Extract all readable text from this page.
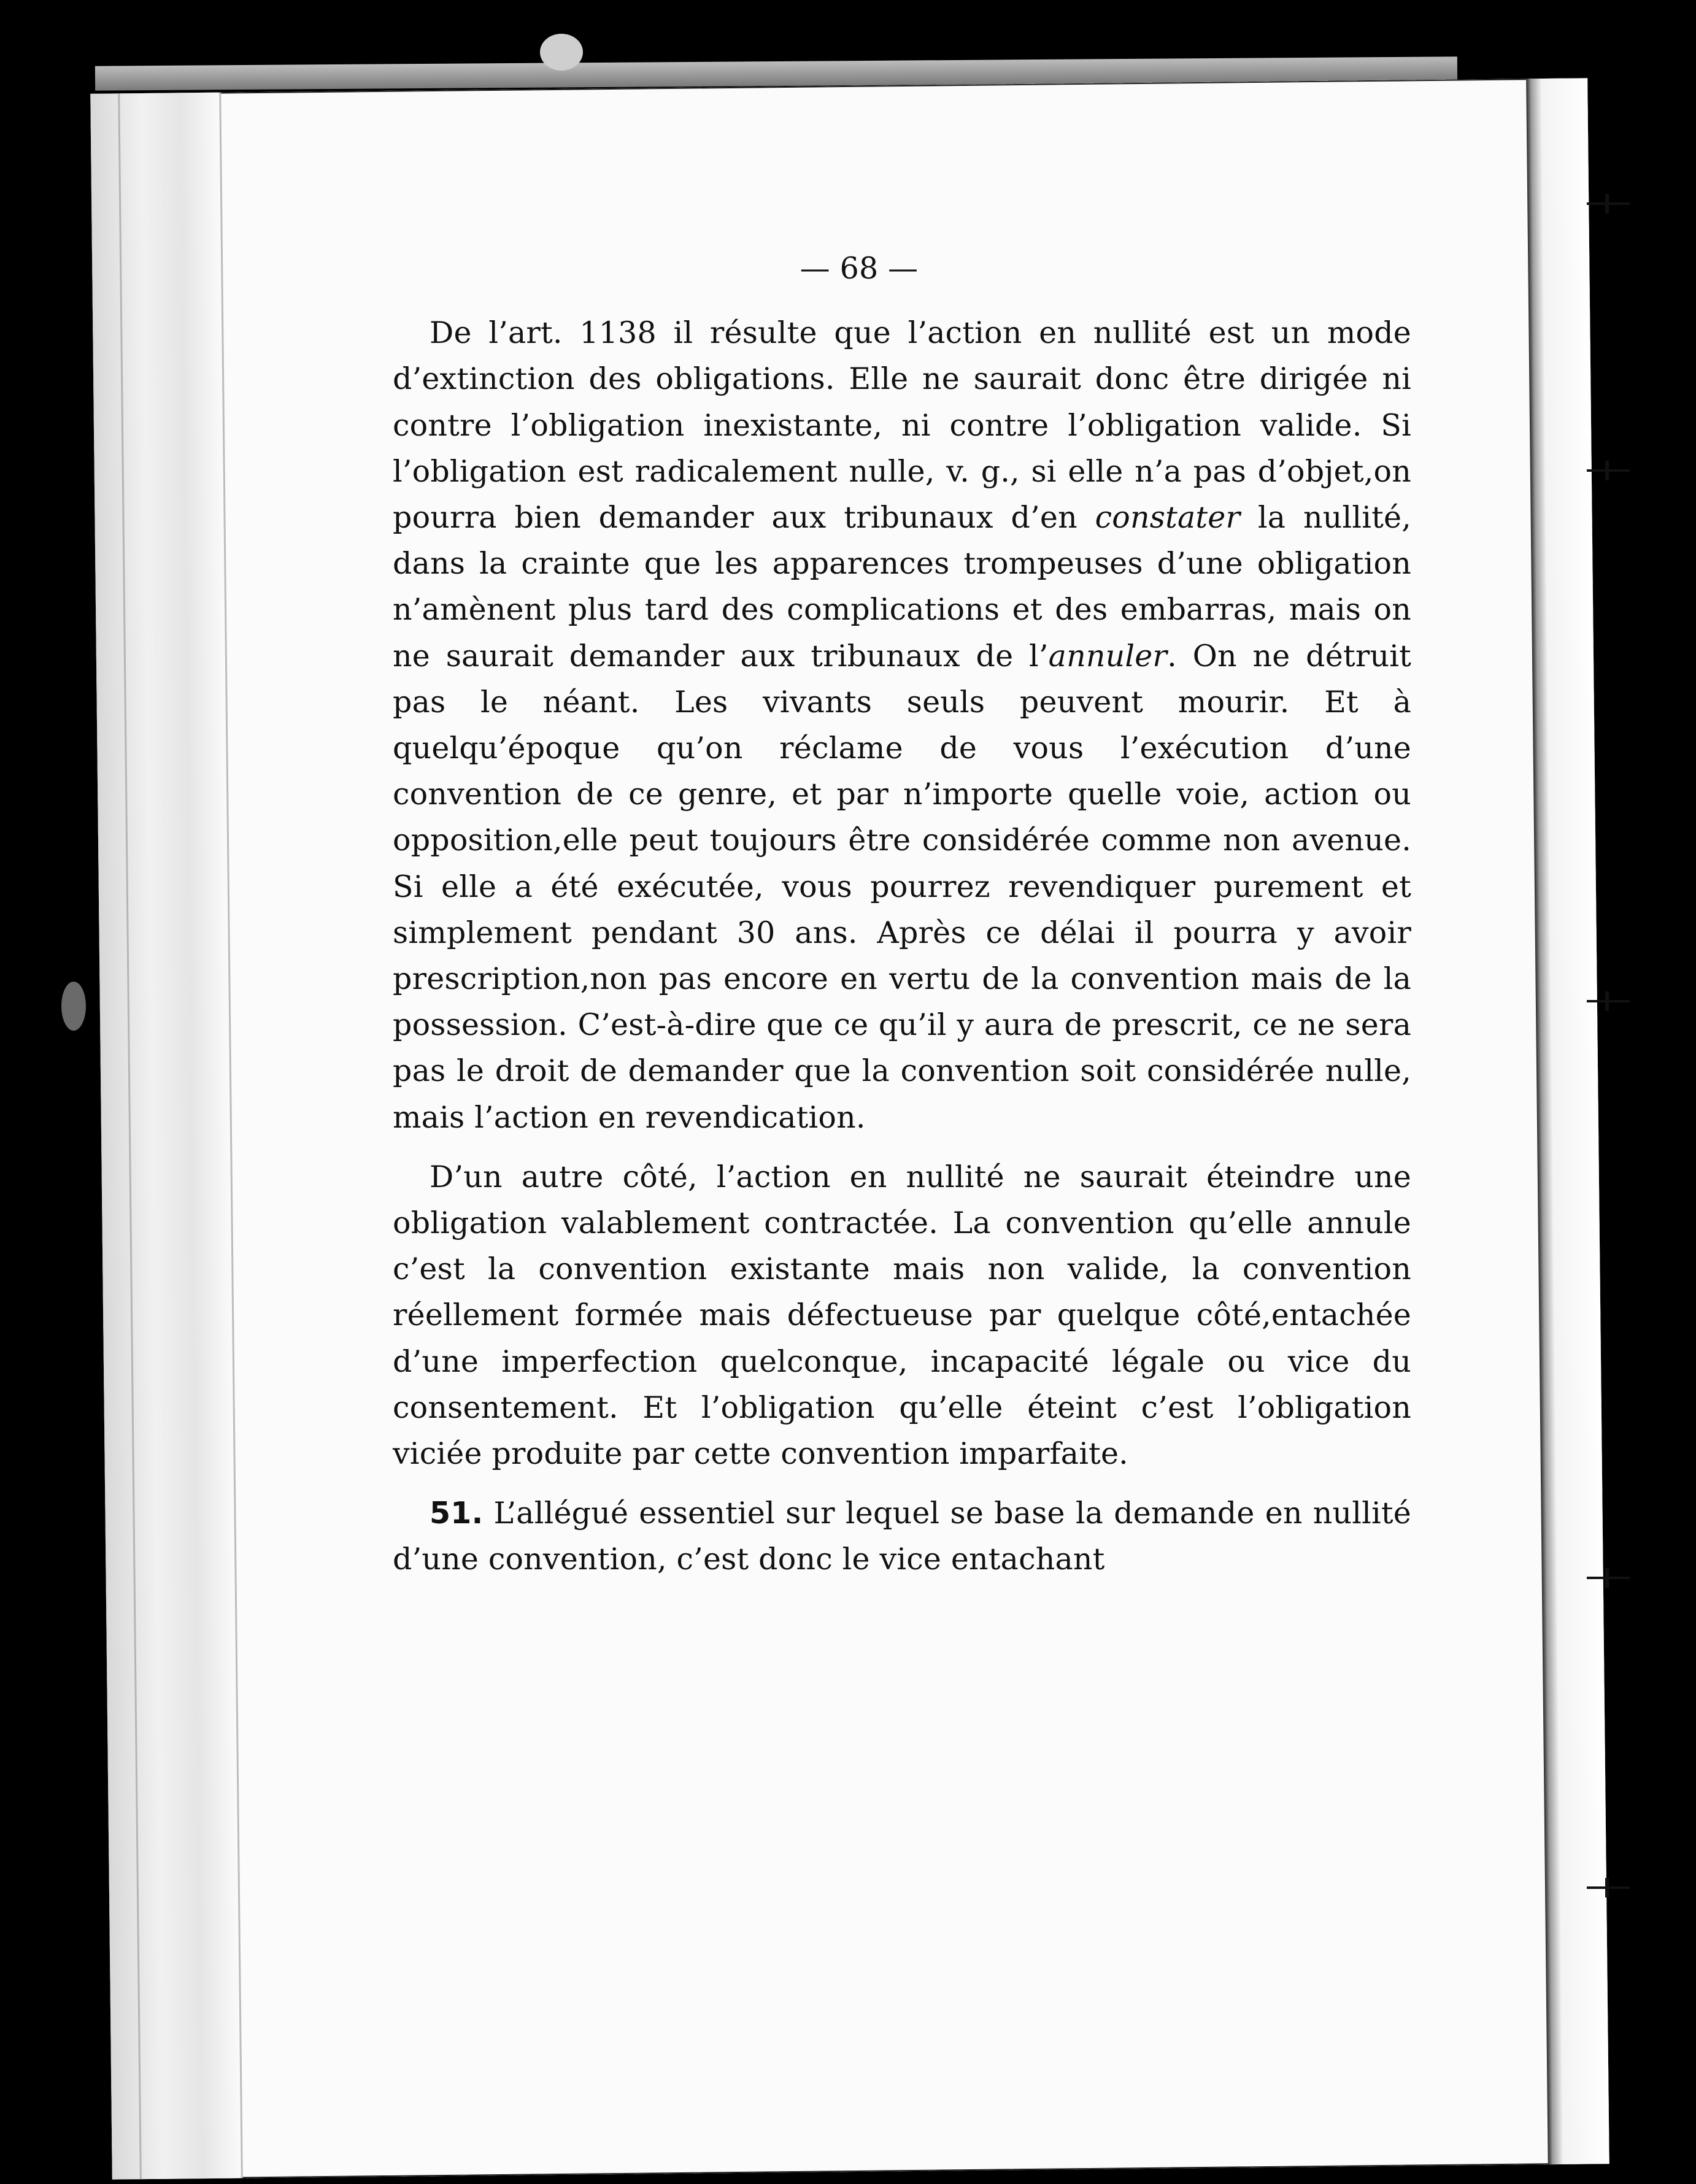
— 68 —
De l’art. 1138 il résulte que l’action en nullité est un mode d’extinction des obligations. Elle ne saurait donc être dirigée ni contre l’obligation inexistante, ni contre l’obligation valide. Si l’obligation est radicalement nulle, v. g., si elle n’a pas d’objet,on pourra bien demander aux tribunaux d’en constater la nullité, dans la crainte que les apparences trompeuses d’une obligation n’amènent plus tard des complications et des embarras, mais on ne saurait demander aux tribunaux de l’annuler. On ne détruit pas le néant. Les vivants seuls peuvent mourir. Et à quelqu’époque qu’on réclame de vous l’exécution d’une convention de ce genre, et par n’importe quelle voie, action ou opposition,elle peut toujours être considérée comme non avenue. Si elle a été exécutée, vous pourrez revendiquer purement et simplement pendant 30 ans. Après ce délai il pourra y avoir prescription,non pas encore en vertu de la convention mais de la possession. C’est-à-dire que ce qu’il y aura de prescrit, ce ne sera pas le droit de demander que la convention soit considérée nulle, mais l’action en revendication.
D’un autre côté, l’action en nullité ne saurait éteindre une obligation valablement contractée. La convention qu’elle annule c’est la convention existante mais non valide, la convention réellement formée mais défectueuse par quelque côté,entachée d’une imperfection quelconque, incapacité légale ou vice du consentement. Et l’obligation qu’elle éteint c’est l’obligation viciée produite par cette convention imparfaite.
51. L’allégué essentiel sur lequel se base la demande en nullité d’une convention, c’est donc le vice entachant
